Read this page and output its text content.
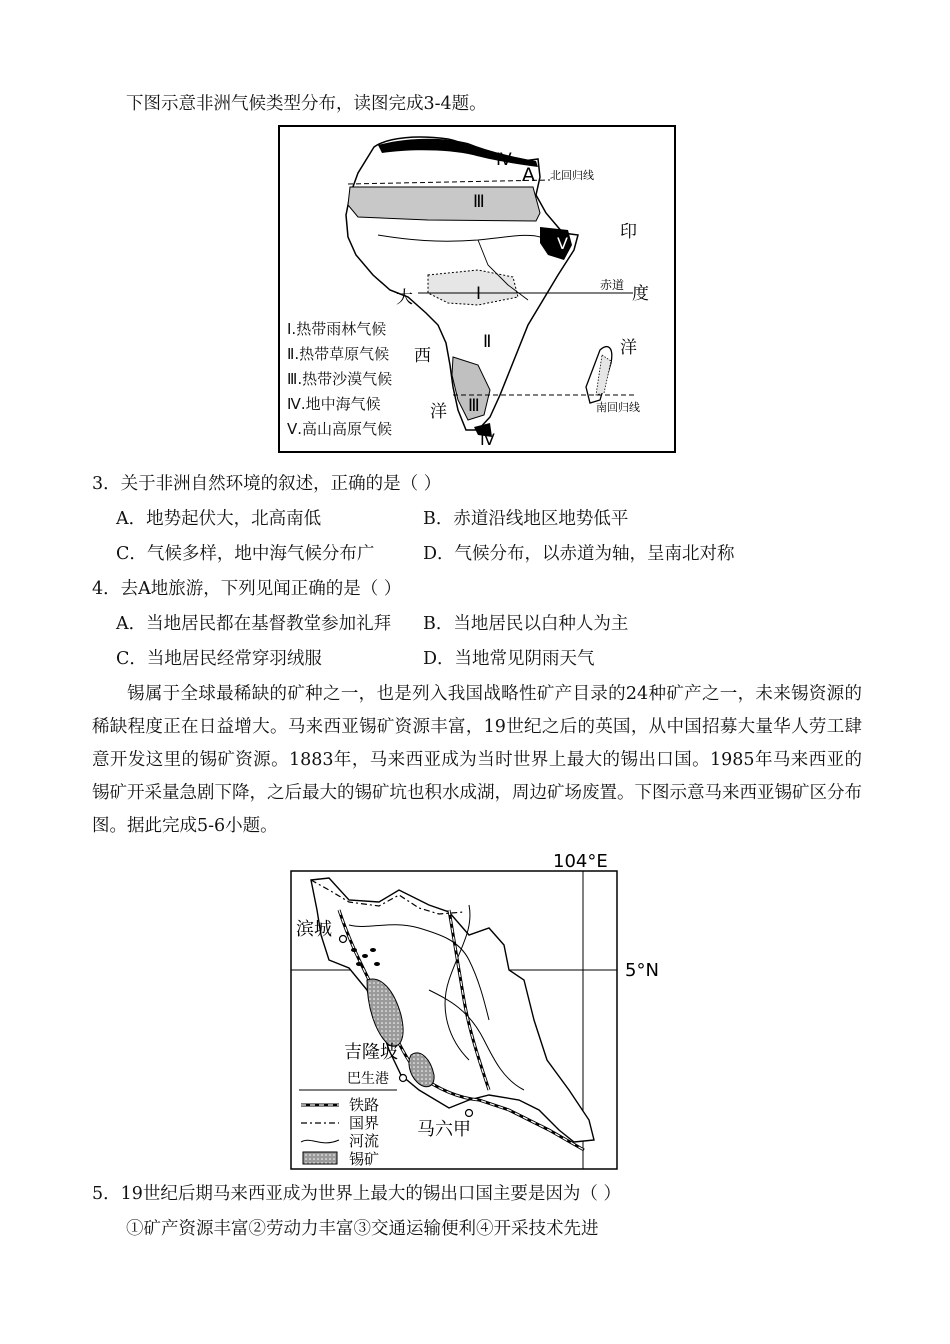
下图示意非洲气候类型分布，读图完成3-4题。
A 北回归线
赤道
南回归线
Ⅳ
Ⅲ
Ⅴ
Ⅰ
Ⅱ
Ⅲ
Ⅳ
大
西
洋
印
度
洋
Ⅰ.热带雨林气候
Ⅱ.热带草原气候
Ⅲ.热带沙漠气候
Ⅳ.地中海气候
Ⅴ.高山高原气候
3．关于非洲自然环境的叙述，正确的是（ ）
A．地势起伏大，北高南低	B．赤道沿线地区地势低平
C．气候多样，地中海气候分布广	D．气候分布，以赤道为轴，呈南北对称
4．去A地旅游，下列见闻正确的是（ ）
A．当地居民都在基督教堂参加礼拜 B．当地居民以白种人为主
C．当地居民经常穿羽绒服	D．当地常见阴雨天气
锡属于全球最稀缺的矿种之一，也是列入我国战略性矿产目录的24种矿产之一，未来锡资源的稀缺程度正在日益增大。马来西亚锡矿资源丰富，19世纪之后的英国，从中国招募大量华人劳工肆意开发这里的锡矿资源。1883年，马来西亚成为当时世界上最大的锡出口国。1985年马来西亚的锡矿开采量急剧下降，之后最大的锡矿坑也积水成湖，周边矿场废置。下图示意马来西亚锡矿区分布图。据此完成5-6小题。
104°E
5°N
滨城
吉隆坡
巴生港
马六甲
铁路
国界
河流
锡矿
5．19世纪后期马来西亚成为世界上最大的锡出口国主要是因为（ ）
①矿产资源丰富②劳动力丰富③交通运输便利④开采技术先进
